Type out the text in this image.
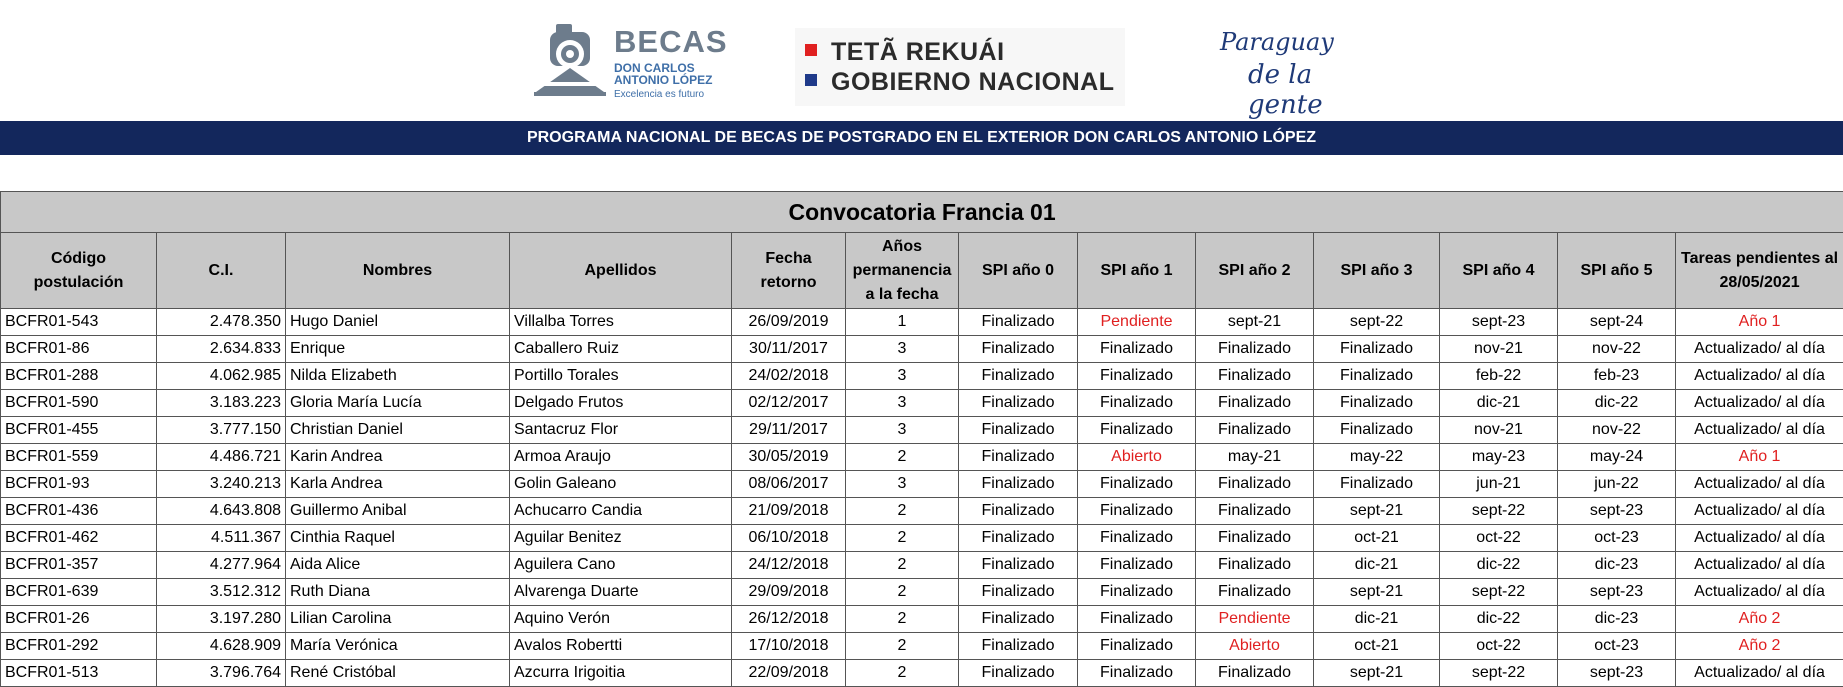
BECAS
DON CARLOS ANTONIO LÓPEZ
Excelencia es futuro
TETÃ REKUÁI
GOBIERNO NACIONAL
Paraguay
de la gente
PROGRAMA NACIONAL DE BECAS DE POSTGRADO EN EL EXTERIOR DON CARLOS ANTONIO LÓPEZ
Convocatoria Francia 01												
Código postulación	C.I.	Nombres	Apellidos	Fecha retorno	Años permanencia a la fecha	SPI año 0	SPI año 1	SPI año 2	SPI año 3	SPI año 4	SPI año 5	Tareas pendientes al 28/05/2021
BCFR01-543	2.478.350	Hugo Daniel	Villalba Torres	26/09/2019	1	Finalizado	Pendiente	sept-21	sept-22	sept-23	sept-24	Año 1
BCFR01-86	2.634.833	Enrique	Caballero Ruiz	30/11/2017	3	Finalizado	Finalizado	Finalizado	Finalizado	nov-21	nov-22	Actualizado/ al día
BCFR01-288	4.062.985	Nilda Elizabeth	Portillo Torales	24/02/2018	3	Finalizado	Finalizado	Finalizado	Finalizado	feb-22	feb-23	Actualizado/ al día
BCFR01-590	3.183.223	Gloria María Lucía	Delgado Frutos	02/12/2017	3	Finalizado	Finalizado	Finalizado	Finalizado	dic-21	dic-22	Actualizado/ al día
BCFR01-455	3.777.150	Christian Daniel	Santacruz Flor	29/11/2017	3	Finalizado	Finalizado	Finalizado	Finalizado	nov-21	nov-22	Actualizado/ al día
BCFR01-559	4.486.721	Karin Andrea	Armoa Araujo	30/05/2019	2	Finalizado	Abierto	may-21	may-22	may-23	may-24	Año 1
BCFR01-93	3.240.213	Karla Andrea	Golin Galeano	08/06/2017	3	Finalizado	Finalizado	Finalizado	Finalizado	jun-21	jun-22	Actualizado/ al día
BCFR01-436	4.643.808	Guillermo Anibal	Achucarro Candia	21/09/2018	2	Finalizado	Finalizado	Finalizado	sept-21	sept-22	sept-23	Actualizado/ al día
BCFR01-462	4.511.367	Cinthia Raquel	Aguilar Benitez	06/10/2018	2	Finalizado	Finalizado	Finalizado	oct-21	oct-22	oct-23	Actualizado/ al día
BCFR01-357	4.277.964	Aida Alice	Aguilera Cano	24/12/2018	2	Finalizado	Finalizado	Finalizado	dic-21	dic-22	dic-23	Actualizado/ al día
BCFR01-639	3.512.312	Ruth Diana	Alvarenga Duarte	29/09/2018	2	Finalizado	Finalizado	Finalizado	sept-21	sept-22	sept-23	Actualizado/ al día
BCFR01-26	3.197.280	Lilian Carolina	Aquino Verón	26/12/2018	2	Finalizado	Finalizado	Pendiente	dic-21	dic-22	dic-23	Año 2
BCFR01-292	4.628.909	María Verónica	Avalos Robertti	17/10/2018	2	Finalizado	Finalizado	Abierto	oct-21	oct-22	oct-23	Año 2
BCFR01-513	3.796.764	René Cristóbal	Azcurra Irigoitia	22/09/2018	2	Finalizado	Finalizado	Finalizado	sept-21	sept-22	sept-23	Actualizado/ al día
